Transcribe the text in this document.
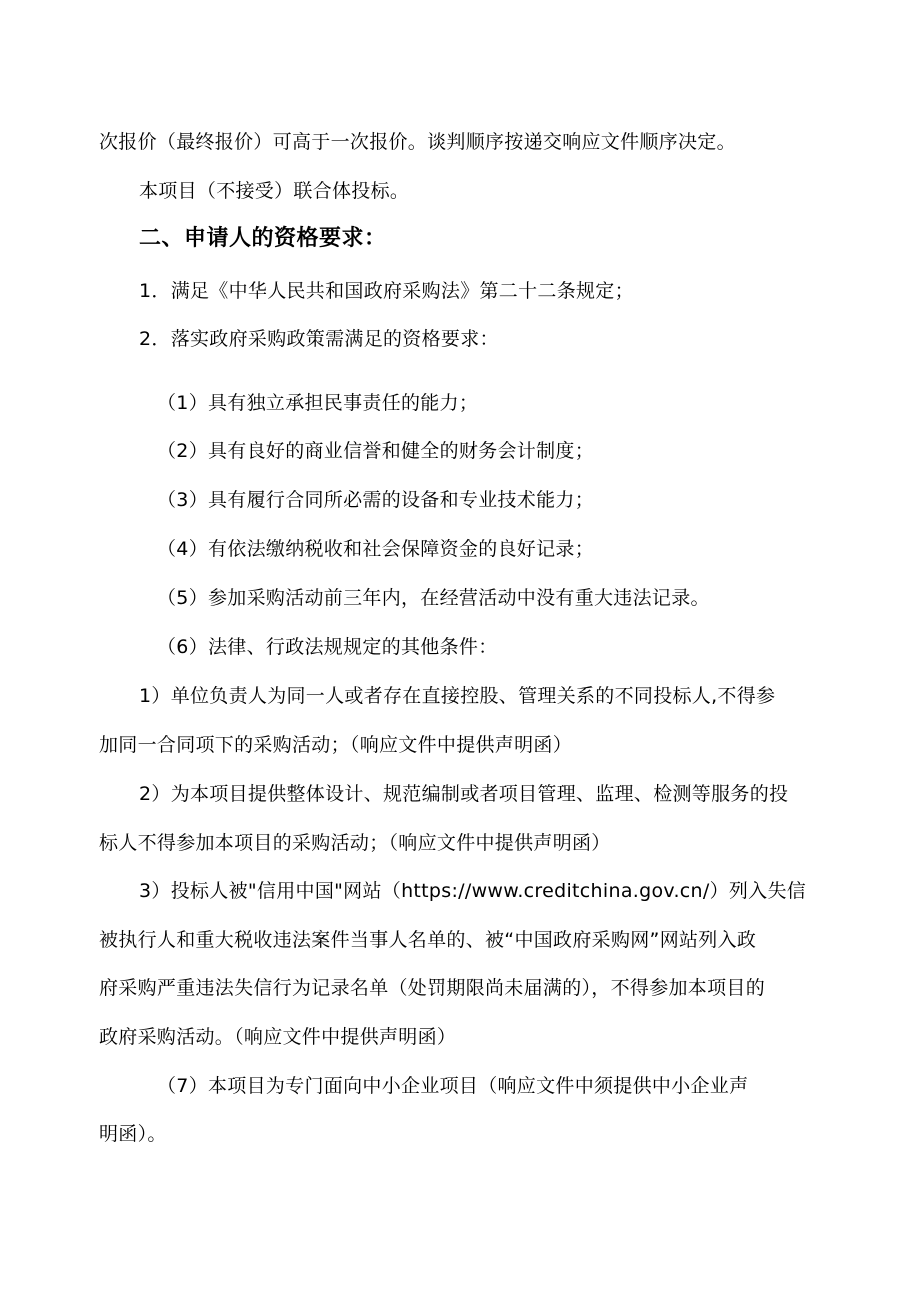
次报价（最终报价）可高于一次报价。谈判顺序按递交响应文件顺序决定。
本项目（不接受）联合体投标。
二、申请人的资格要求：
1．满足《中华人民共和国政府采购法》第二十二条规定；
2．落实政府采购政策需满足的资格要求：
（1）具有独立承担民事责任的能力；
（2）具有良好的商业信誉和健全的财务会计制度；
（3）具有履行合同所必需的设备和专业技术能力；
（4）有依法缴纳税收和社会保障资金的良好记录；
（5）参加采购活动前三年内，在经营活动中没有重大违法记录。
（6）法律、行政法规规定的其他条件：
1）单位负责人为同一人或者存在直接控股、管理关系的不同投标人,不得参
加同一合同项下的采购活动；（响应文件中提供声明函）
2）为本项目提供整体设计、规范编制或者项目管理、监理、检测等服务的投
标人不得参加本项目的采购活动；（响应文件中提供声明函）
3）投标人被"信用中国"网站（https://www.creditchina.gov.cn/）列入失信
被执行人和重大税收违法案件当事人名单的、被“中国政府采购网”网站列入政
府采购严重违法失信行为记录名单（处罚期限尚未届满的），不得参加本项目的
政府采购活动。（响应文件中提供声明函）
（7）本项目为专门面向中小企业项目（响应文件中须提供中小企业声
明函）。
